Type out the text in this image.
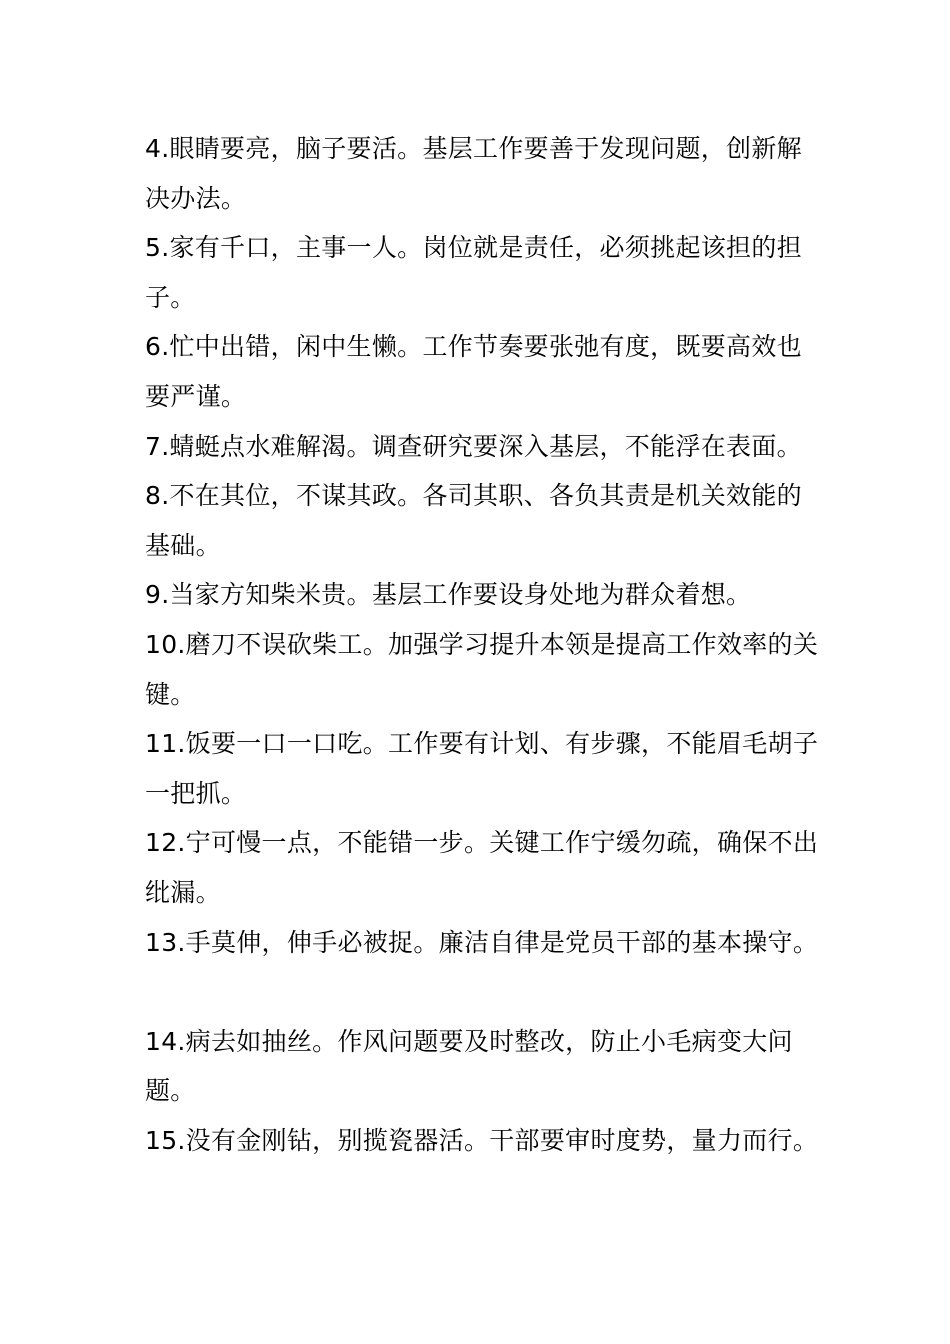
4.眼睛要亮，脑子要活。基层工作要善于发现问题，创新解决办法。

5.家有千口，主事一人。岗位就是责任，必须挑起该担的担子。

6.忙中出错，闲中生懒。工作节奏要张弛有度，既要高效也要严谨。

7.蜻蜓点水难解渴。调查研究要深入基层，不能浮在表面。

8.不在其位，不谋其政。各司其职、各负其责是机关效能的基础。

9.当家方知柴米贵。基层工作要设身处地为群众着想。

10.磨刀不误砍柴工。加强学习提升本领是提高工作效率的关键。

11.饭要一口一口吃。工作要有计划、有步骤，不能眉毛胡子一把抓。

12.宁可慢一点，不能错一步。关键工作宁缓勿疏，确保不出纰漏。

13.手莫伸，伸手必被捉。廉洁自律是党员干部的基本操守。

14.病去如抽丝。作风问题要及时整改，防止小毛病变大问题。

15.没有金刚钻，别揽瓷器活。干部要审时度势，量力而行。
